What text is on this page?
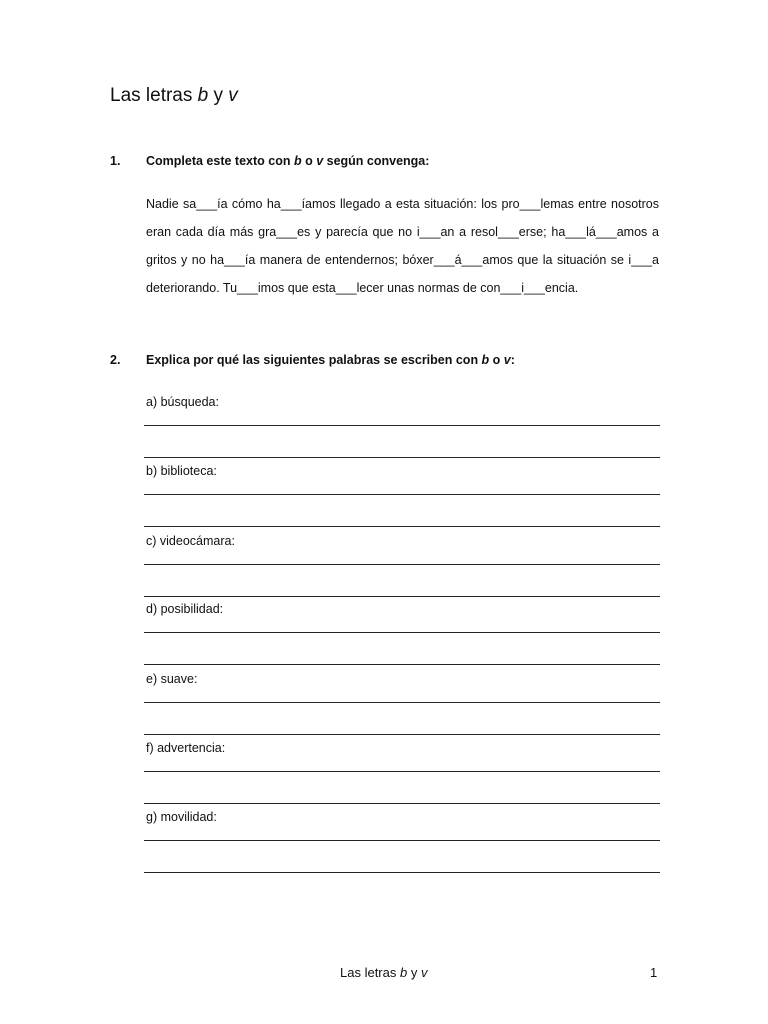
Las letras b y v
1. Completa este texto con b o v según convenga:

Nadie sa___ía cómo ha___íamos llegado a esta situación: los pro___lemas entre nosotros eran cada día más gra___es y parecía que no i___an a resol___erse; ha___lá___amos a gritos y no ha___ía manera de entendernos; bóxer___á___amos que la situación se i___a deteriorando. Tu___imos que esta___lecer unas normas de con___i___encia.

2. Explica por qué las siguientes palabras se escriben con b o v:
a) búsqueda:
b) biblioteca:
c) videocámara:
d) posibilidad:
e) suave:
f) advertencia:
g) movilidad:
Las letras b y v	1
